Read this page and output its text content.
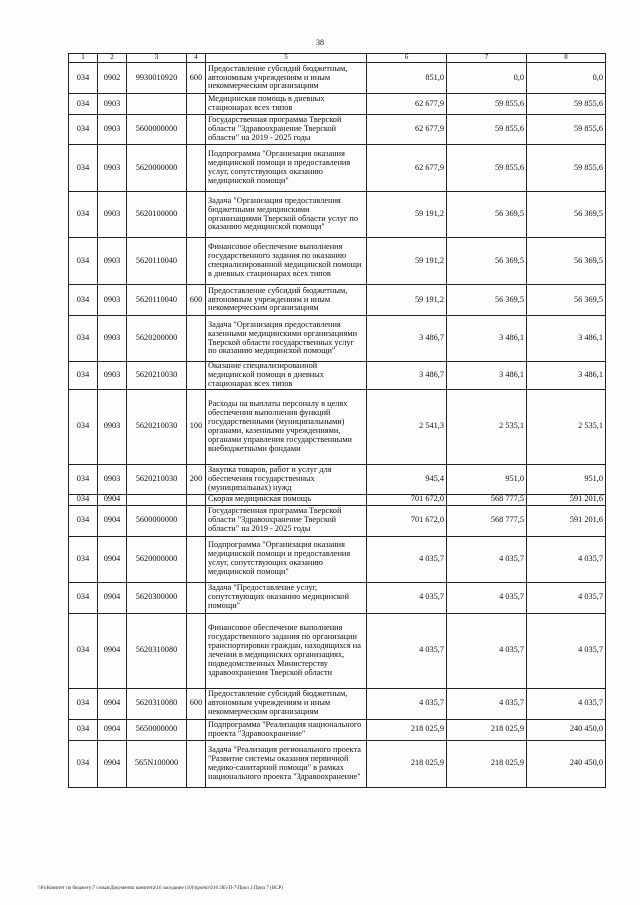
38
1	2	3	4	5	6	7	8
034	0902	9930010920	600	Предоставление субсидий бюджетным, автономным учреждениям и иным некоммерческим организациям	851,0	0,0	0,0
034	0903			Медицинская помощь в дневных стационарах всех типов	62 677,9	59 855,6	59 855,6
034	0903	5600000000		Государственная программа Тверской области "Здравоохранение Тверской области" на 2019 - 2025 годы	62 677,9	59 855,6	59 855,6
034	0903	5620000000		Подпрограмма "Организация оказания медицинской помощи и предоставления услуг, сопутствующих оказанию медицинской помощи"	62 677,9	59 855,6	59 855,6
034	0903	5620100000		Задача "Организация предоставления бюджетными медицинскими организациями Тверской области услуг по оказанию медицинской помощи"	59 191,2	56 369,5	56 369,5
034	0903	5620110040		Финансовое обеспечение выполнения государственного задания по оказанию специализированной медицинской помощи в дневных стационарах всех типов	59 191,2	56 369,5	56 369,5
034	0903	5620110040	600	Предоставление субсидий бюджетным, автономным учреждениям и иным некоммерческим организациям	59 191,2	56 369,5	56 369,5
034	0903	5620200000		Задача "Организация предоставления казенными медицинскими организациями Тверской области государственных услуг по оказанию медицинской помощи"	3 486,7	3 486,1	3 486,1
034	0903	5620210030		Оказание специализированной медицинской помощи в дневных стационарах всех типов	3 486,7	3 486,1	3 486,1
034	0903	5620210030	100	Расходы на выплаты персоналу в целях обеспечения выполнения функций государственными (муниципальными) органами, казенными учреждениями, органами управления государственными внебюджетными фондами	2 541,3	2 535,1	2 535,1
034	0903	5620210030	200	Закупка товаров, работ и услуг для обеспечения государственных (муниципальных) нужд	945,4	951,0	951,0
034	0904			Скорая медицинская помощь	701 672,0	568 777,5	591 201,6
034	0904	5600000000		Государственная программа Тверской области "Здравоохранение Тверской области" на 2019 - 2025 годы	701 672,0	568 777,5	591 201,6
034	0904	5620000000		Подпрограмма "Организация оказания медицинской помощи и предоставления услуг, сопутствующих оказанию медицинской помощи"	4 035,7	4 035,7	4 035,7
034	0904	5620300000		Задача "Предоставление услуг, сопутствующих оказанию медицинской помощи"	4 035,7	4 035,7	4 035,7
034	0904	5620310080		Финансовое обеспечение выполнения государственного задания по организации транспортировки граждан, находящихся на лечении в медицинских организациях, подведомственных Министерству здравоохранения Тверской области	4 035,7	4 035,7	4 035,7
034	0904	5620310080	600	Предоставление субсидий бюджетным, автономным учреждениям и иным некоммерческим организациям	4 035,7	4 035,7	4 035,7
034	0904	5650000000		Подпрограмма "Реализация национального проекта "Здравоохранение"	218 025,9	218 025,9	240 450,0
034	0904	565N100000		Задача "Реализация регионального проекта "Развитие системы оказания первичной медико-санитарной помощи" в рамках национального проекта "Здравоохранение"	218 025,9	218 025,9	240 450,0
\\Fs\Комитет по бюджету\7 созыв\Документы комитета\16 заседание (10)\проект\616 285-П-7\Прил 3 Прил 7 (ВСР)
